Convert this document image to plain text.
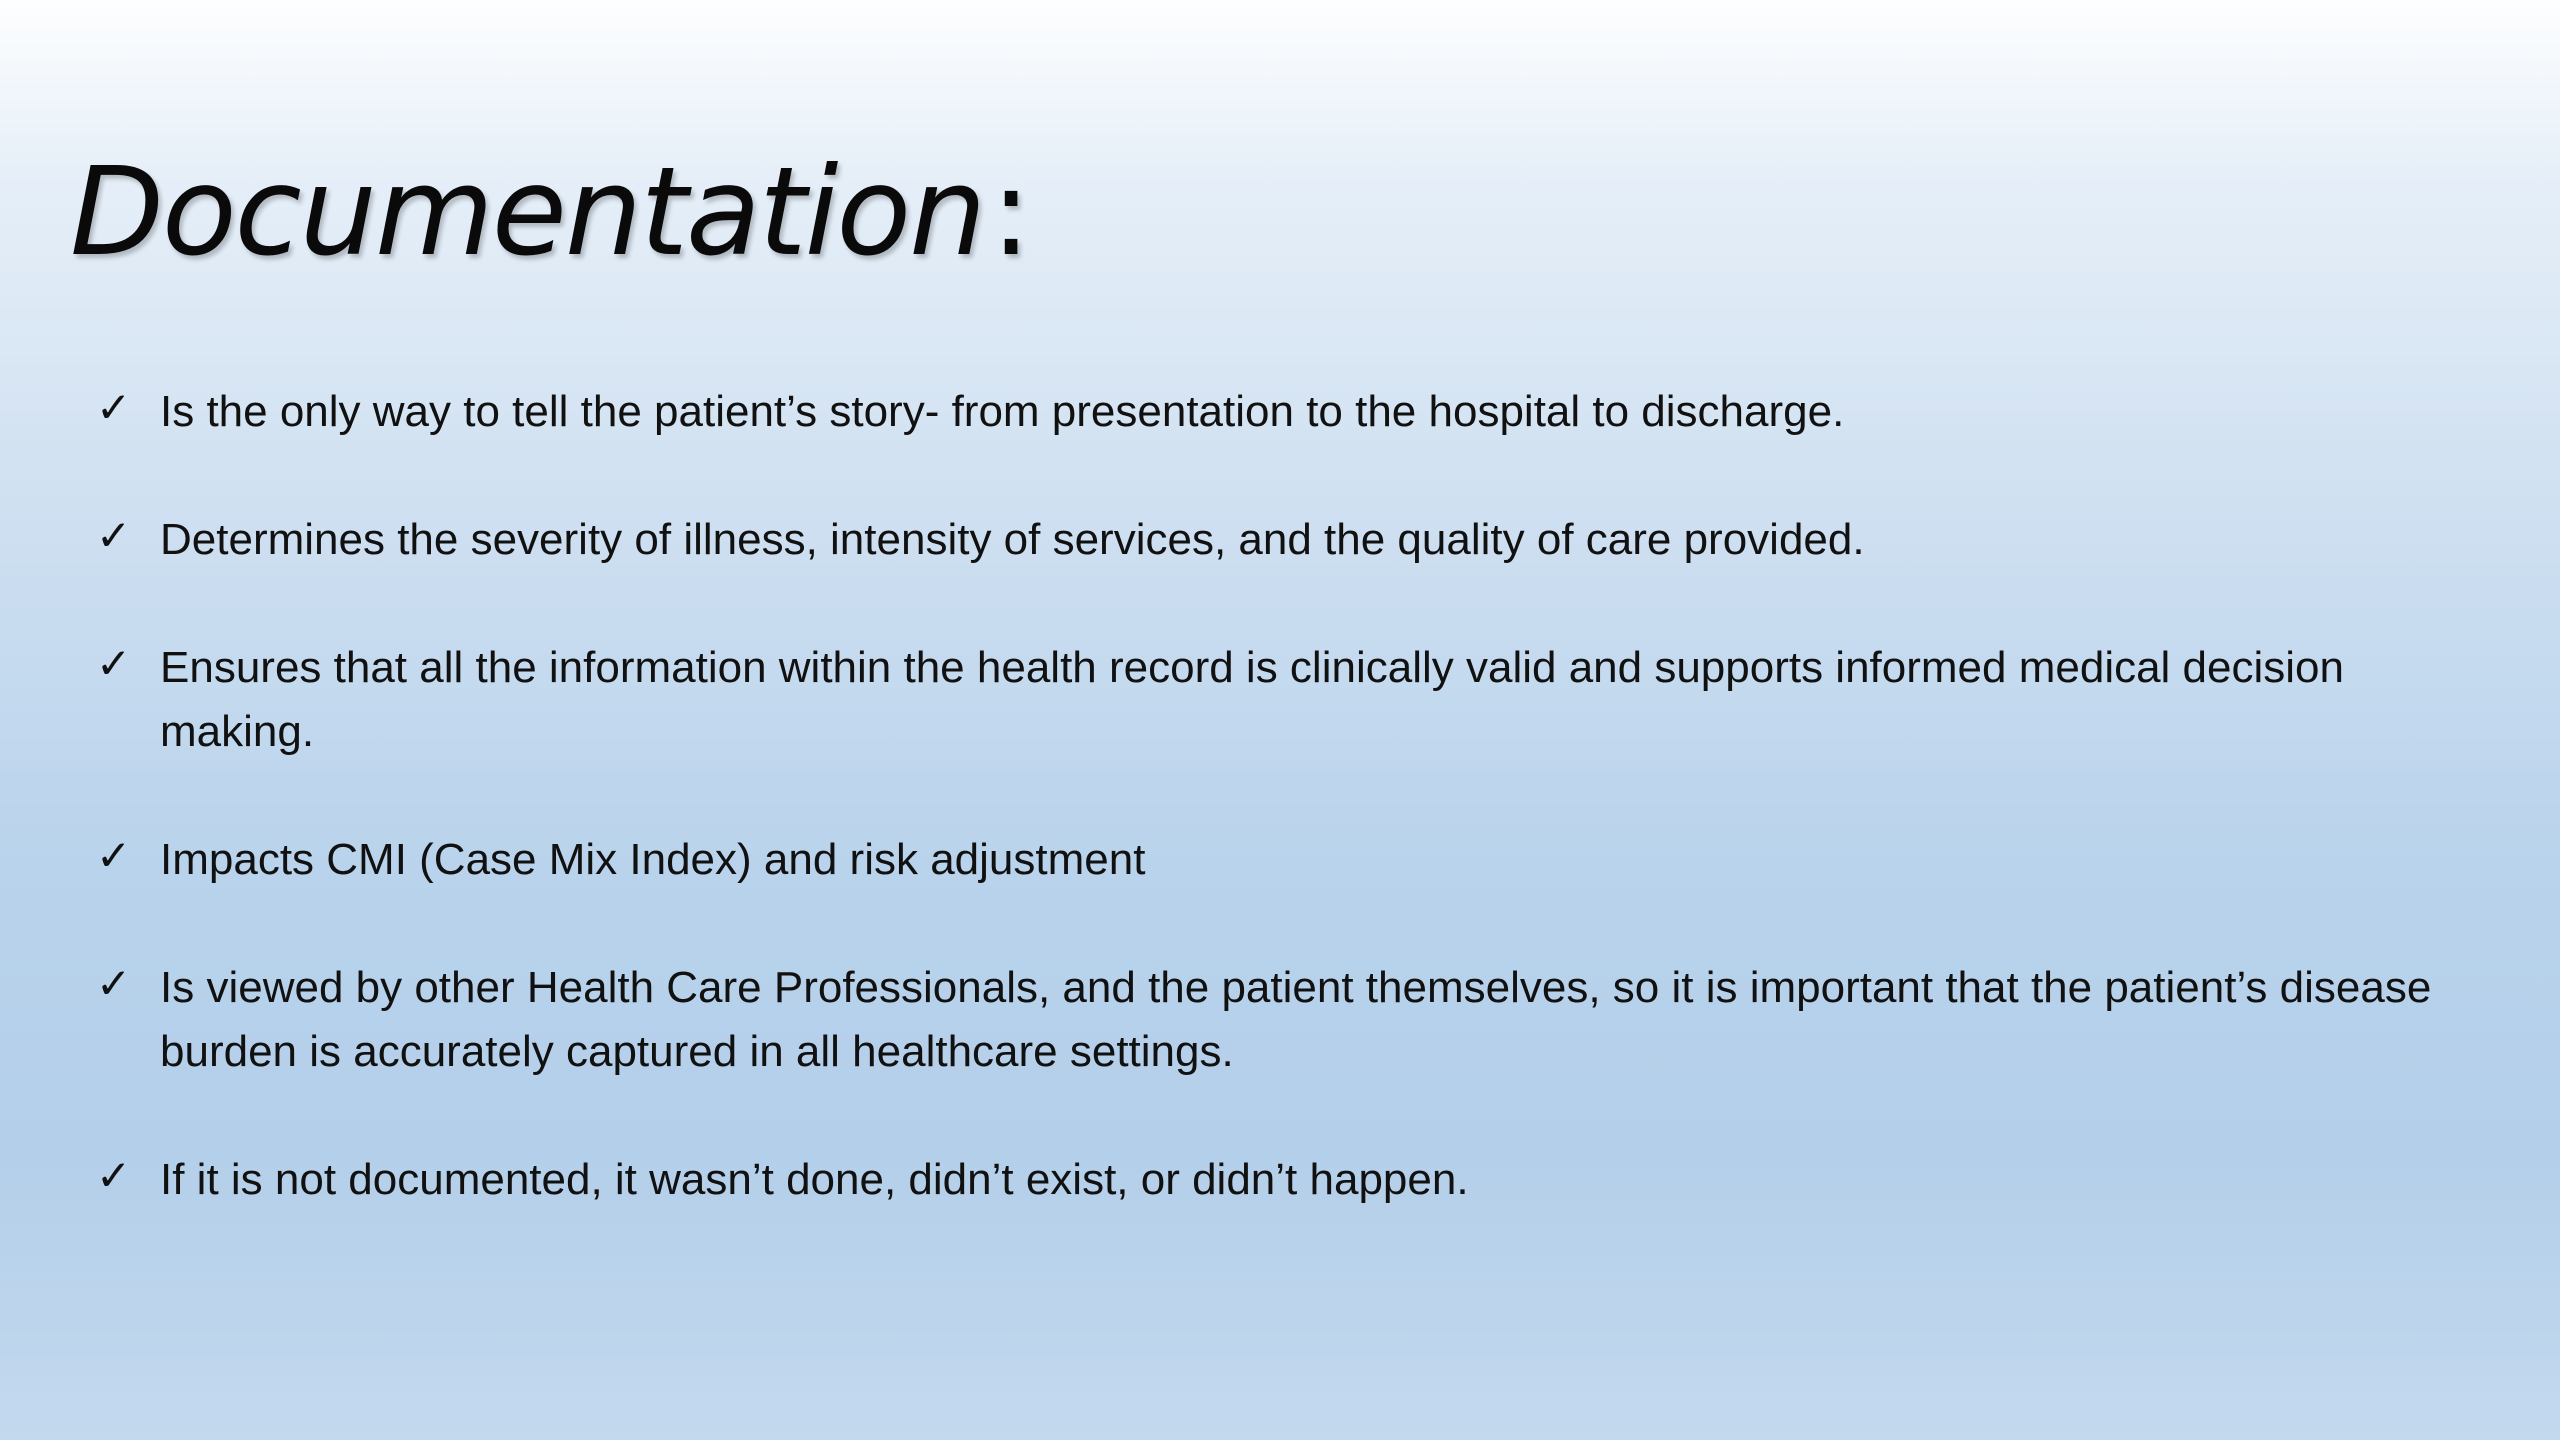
Documentation:
✓ Is the only way to tell the patient’s story- from presentation to the hospital to discharge.
✓ Determines the severity of illness, intensity of services, and the quality of care provided.
✓ Ensures that all the information within the health record is clinically valid and supports informed medical decision making.
✓ Impacts CMI (Case Mix Index) and risk adjustment
✓ Is viewed by other Health Care Professionals, and the patient themselves, so it is important that the patient’s disease burden is accurately captured in all healthcare settings.
✓ If it is not documented, it wasn’t done, didn’t exist, or didn’t happen.
